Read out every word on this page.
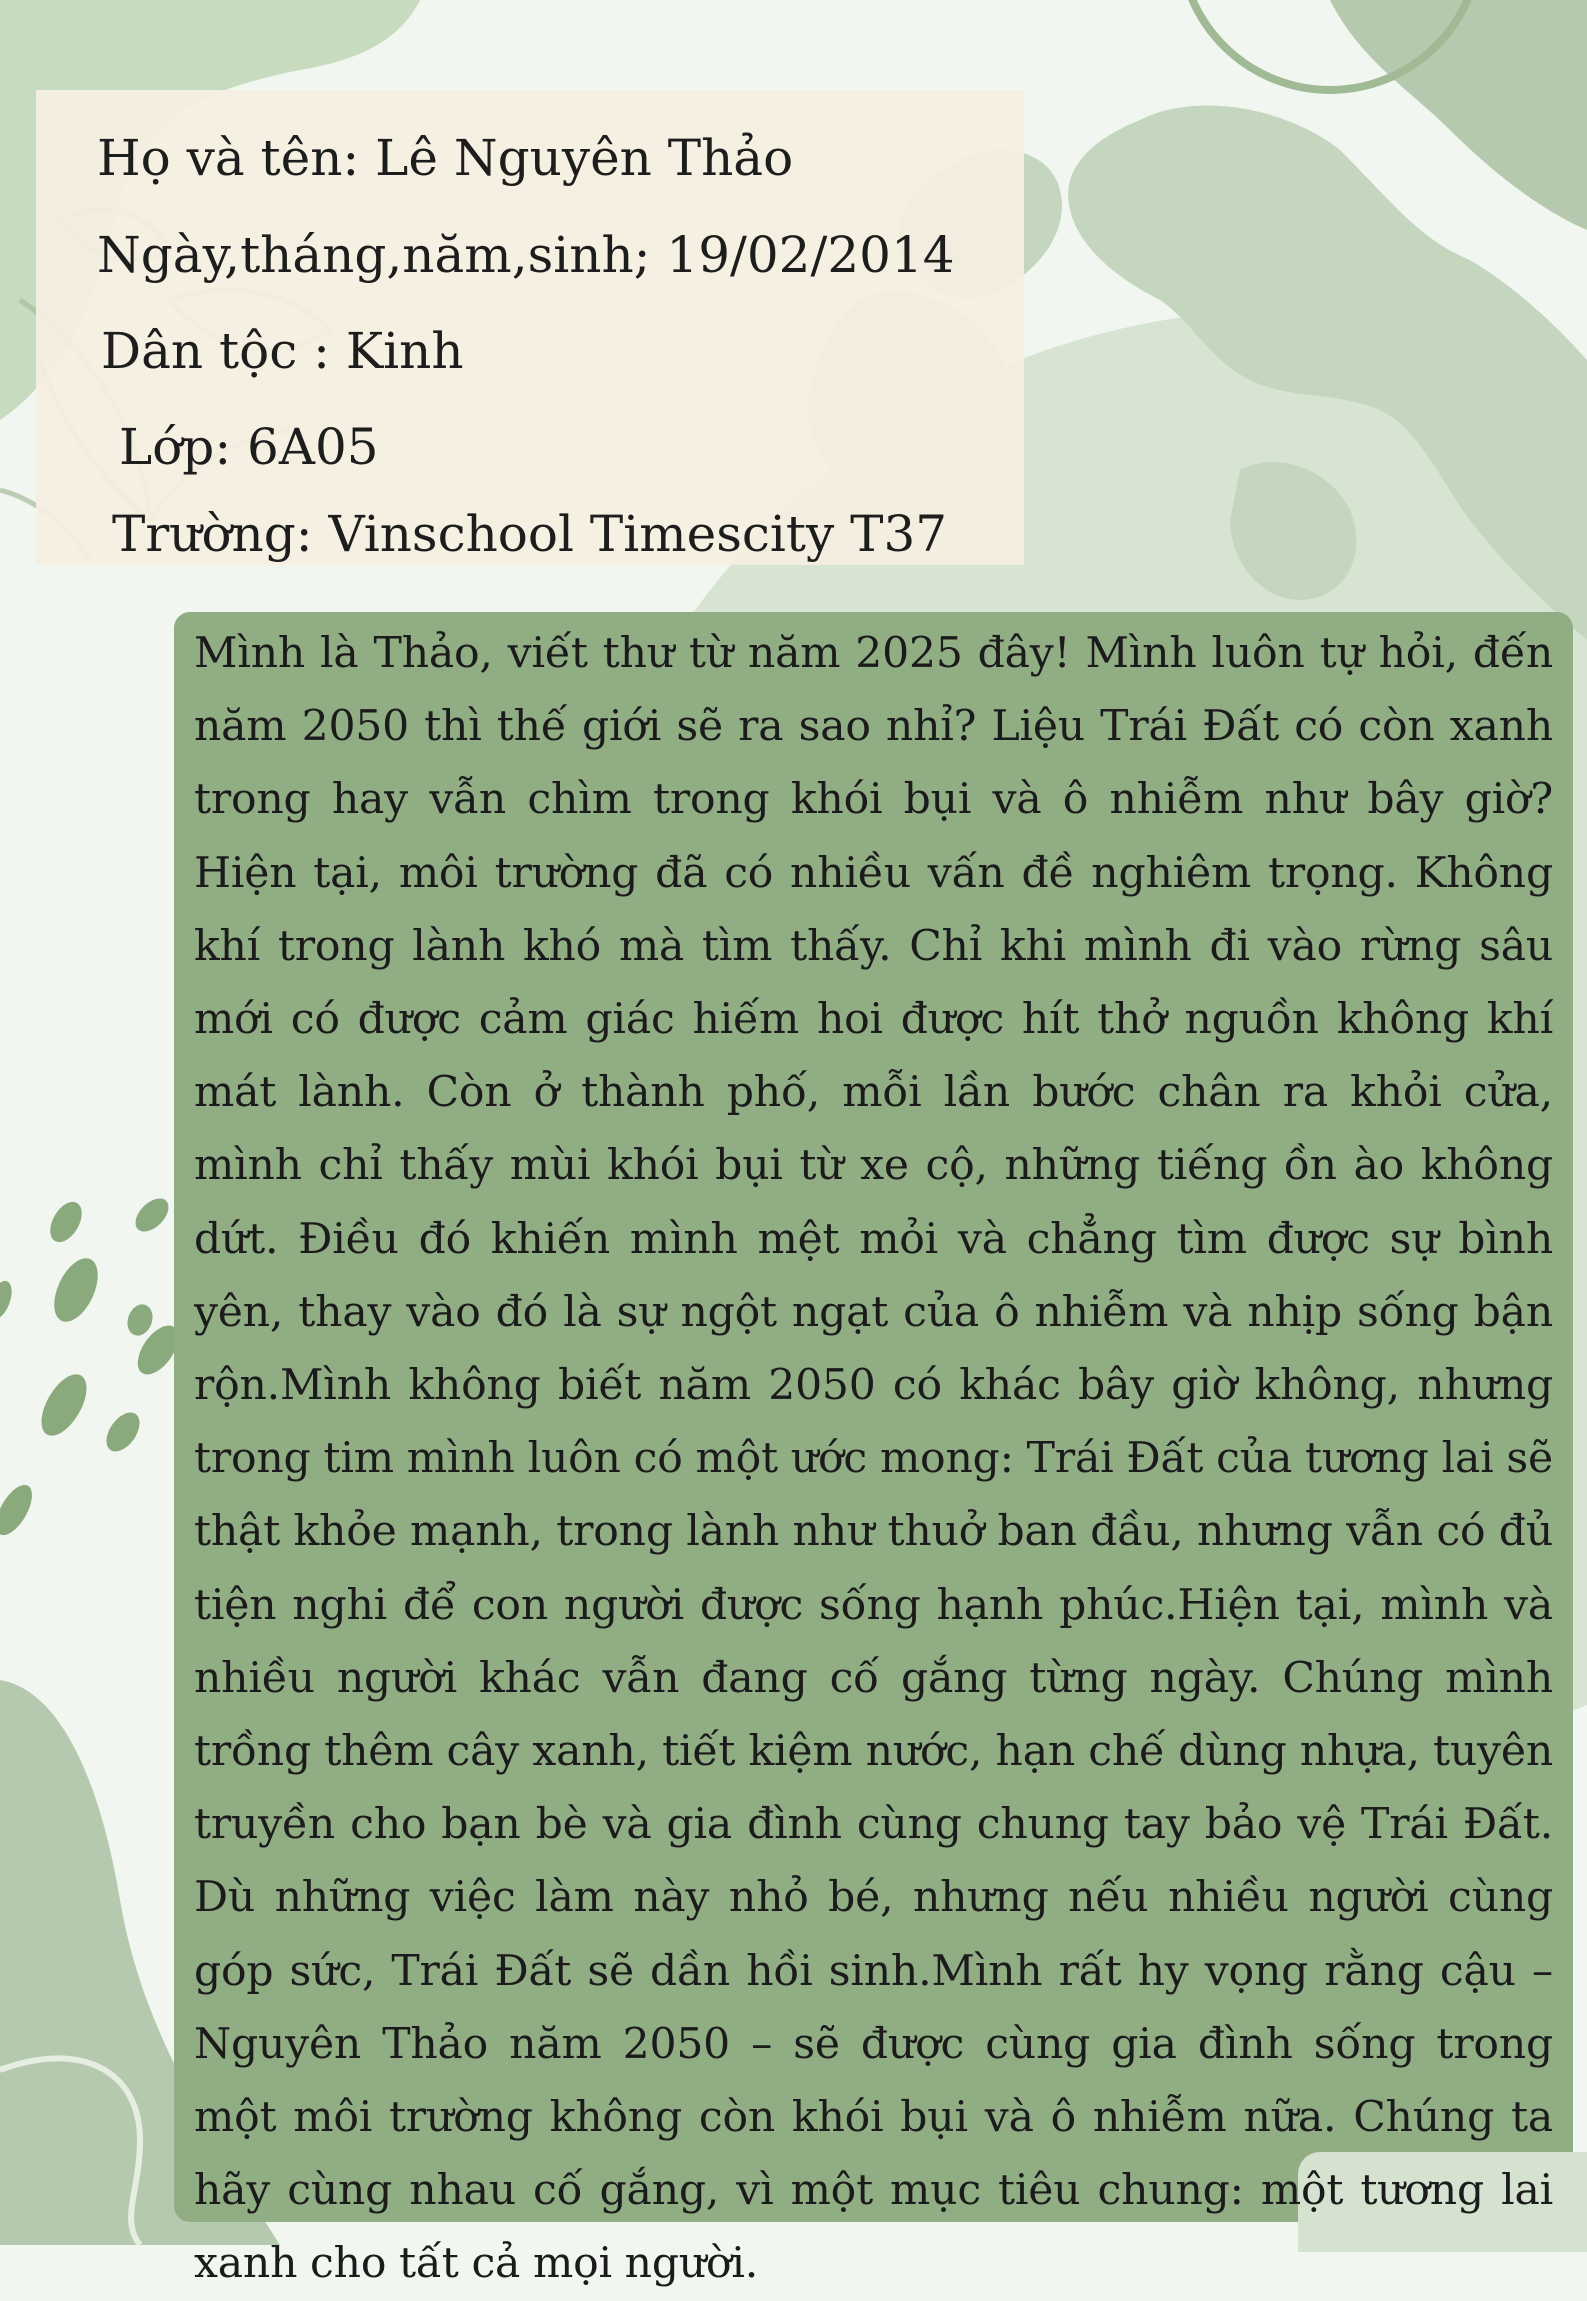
Họ và tên: Lê Nguyên Thảo

Ngày,tháng,năm,sinh; 19/02/2014

Dân tộc : Kinh

Lớp: 6A05

Trường: Vinschool Timescity T37

Mình là Thảo, viết thư từ năm 2025 đây! Mình luôn tự hỏi, đến năm 2050 thì thế giới sẽ ra sao nhỉ? Liệu Trái Đất có còn xanh trong hay vẫn chìm trong khói bụi và ô nhiễm như bây giờ?Hiện tại, môi trường đã có nhiều vấn đề nghiêm trọng. Không khí trong lành khó mà tìm thấy. Chỉ khi mình đi vào rừng sâu mới có được cảm giác hiếm hoi được hít thở nguồn không khí mát lành. Còn ở thành phố, mỗi lần bước chân ra khỏi cửa, mình chỉ thấy mùi khói bụi từ xe cộ, những tiếng ồn ào không dứt. Điều đó khiến mình mệt mỏi và chẳng tìm được sự bình yên, thay vào đó là sự ngột ngạt của ô nhiễm và nhịp sống bận rộn.Mình không biết năm 2050 có khác bây giờ không, nhưng trong tim mình luôn có một ước mong: Trái Đất của tương lai sẽ thật khỏe mạnh, trong lành như thuở ban đầu, nhưng vẫn có đủ tiện nghi để con người được sống hạnh phúc.Hiện tại, mình và nhiều người khác vẫn đang cố gắng từng ngày. Chúng mình trồng thêm cây xanh, tiết kiệm nước, hạn chế dùng nhựa, tuyên truyền cho bạn bè và gia đình cùng chung tay bảo vệ Trái Đất. Dù những việc làm này nhỏ bé, nhưng nếu nhiều người cùng góp sức, Trái Đất sẽ dần hồi sinh.Mình rất hy vọng rằng cậu – Nguyên Thảo năm 2050 – sẽ được cùng gia đình sống trong một môi trường không còn khói bụi và ô nhiễm nữa. Chúng ta hãy cùng nhau cố gắng, vì một mục tiêu chung: một tương lai xanh cho tất cả mọi người.
